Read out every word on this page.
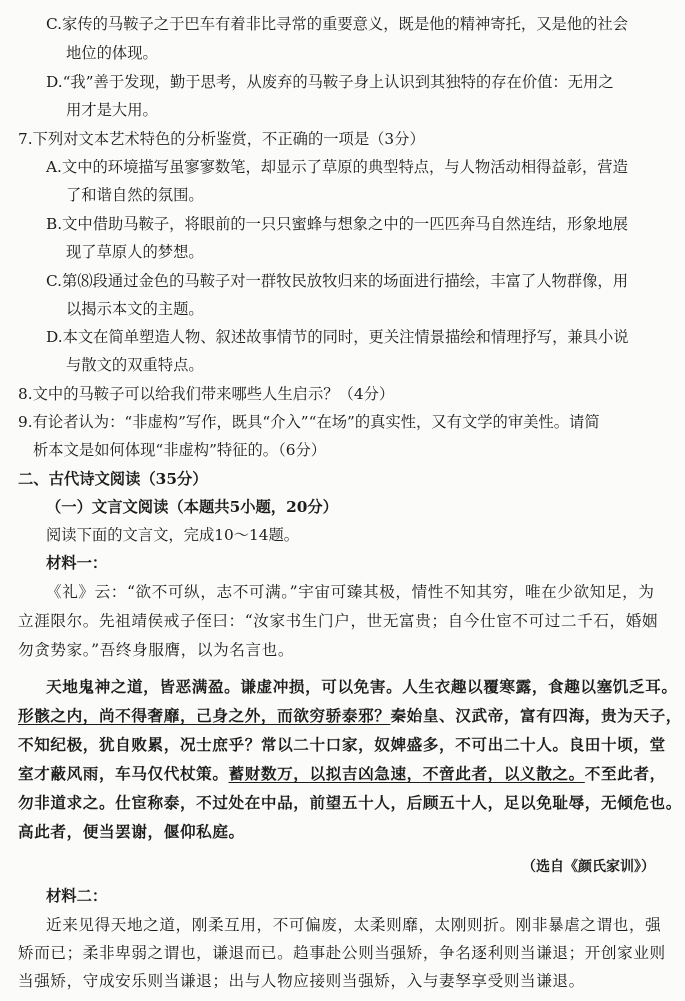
C.家传的马鞍子之于巴车有着非比寻常的重要意义，既是他的精神寄托，又是他的社会
地位的体现。
D.“我”善于发现，勤于思考，从废弃的马鞍子身上认识到其独特的存在价值：无用之
用才是大用。
7.下列对文本艺术特色的分析鉴赏，不正确的一项是（3分）
A.文中的环境描写虽寥寥数笔，却显示了草原的典型特点，与人物活动相得益彰，营造
了和谐自然的氛围。
B.文中借助马鞍子，将眼前的一只只蜜蜂与想象之中的一匹匹奔马自然连结，形象地展
现了草原人的梦想。
C.第⑻段通过金色的马鞍子对一群牧民放牧归来的场面进行描绘，丰富了人物群像，用
以揭示本文的主题。
D.本文在简单塑造人物、叙述故事情节的同时，更关注情景描绘和情理抒写，兼具小说
与散文的双重特点。
8.文中的马鞍子可以给我们带来哪些人生启示？（4分）
9.有论者认为：“非虚构”写作，既具“介入”“在场”的真实性，又有文学的审美性。请简
析本文是如何体现“非虚构”特征的。（6分）
二、古代诗文阅读（35分）
（一）文言文阅读（本题共5小题，20分）
阅读下面的文言文，完成10～14题。
材料一：
《礼》云：“欲不可纵，志不可满。”宇宙可臻其极，情性不知其穷，唯在少欲知足，为
立涯限尔。先祖靖侯戒子侄曰：“汝家书生门户，世无富贵；自今仕宦不可过二千石，婚姻
勿贪势家。”吾终身服膺，以为名言也。
天地鬼神之道，皆恶满盈。谦虚冲损，可以免害。人生衣趣以覆寒露，食趣以塞饥乏耳。
形骸之内，尚不得奢靡，己身之外，而欲穷骄泰邪？秦始皇、汉武帝，富有四海，贵为天子，
不知纪极，犹自败累，况士庶乎？常以二十口家，奴婢盛多，不可出二十人。良田十顷，堂
室才蔽风雨，车马仅代杖策。蓄财数万，以拟吉凶急速，不啻此者，以义散之。不至此者，
勿非道求之。仕宦称泰，不过处在中品，前望五十人，后顾五十人，足以免耻辱，无倾危也。
高此者，便当罢谢，偃仰私庭。
（选自《颜氏家训》）
材料二：
近来见得天地之道，刚柔互用，不可偏废，太柔则靡，太刚则折。刚非暴虐之谓也，强
矫而已；柔非卑弱之谓也，谦退而已。趋事赴公则当强矫，争名逐利则当谦退；开创家业则
当强矫，守成安乐则当谦退；出与人物应接则当强矫，入与妻孥享受则当谦退。
